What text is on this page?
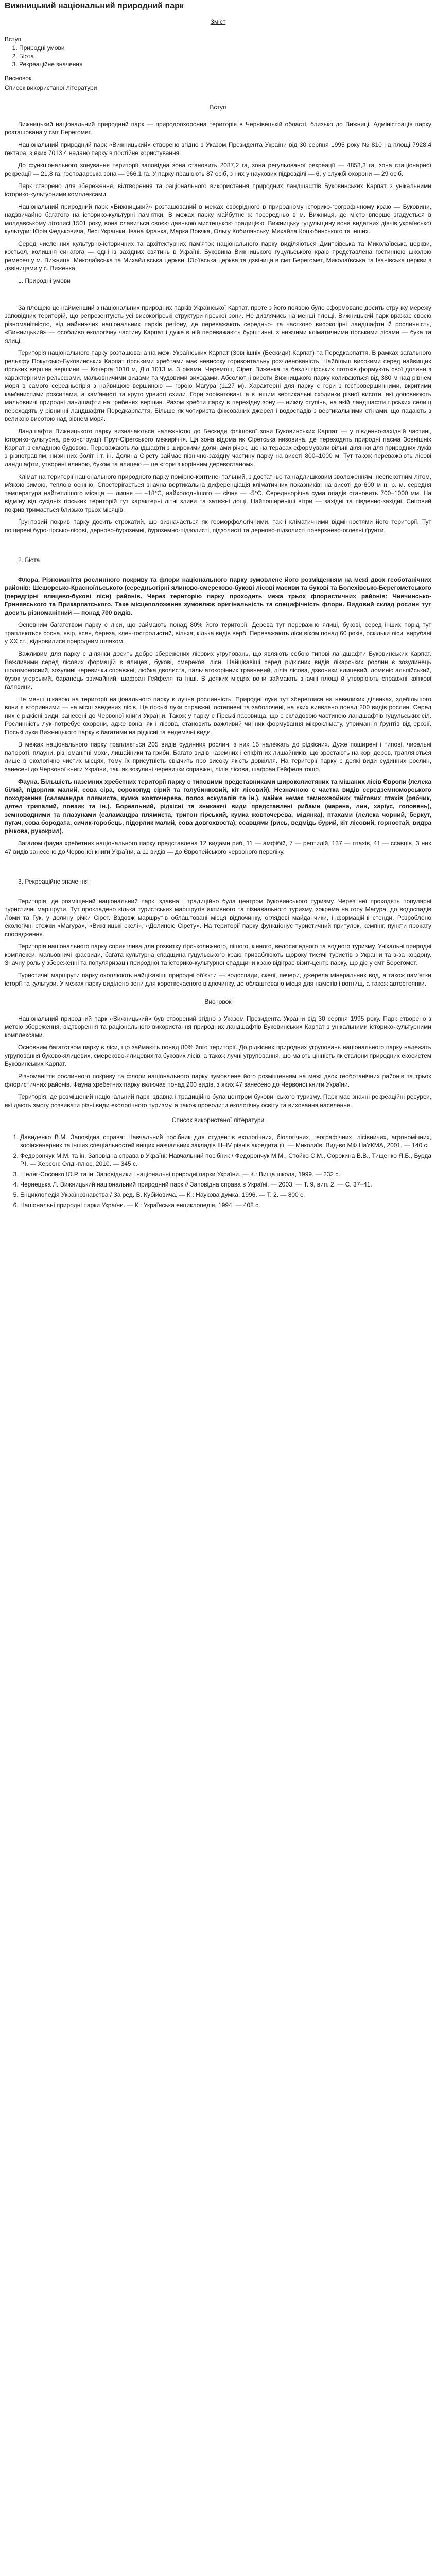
Вижницький національний природний парк
Зміст
Вступ
1. Природні умови
2. Біота
3. Рекреаційне значення
Висновок
Список використаної літератури
Вступ

Вижницький національний природний парк — природоохоронна територія в Чернівецькій області, близько до Вижниці. Адміністрація парку розташована у смт Берегомет.

Національний природний парк «Вижницький» створено згідно з Указом Президента України від 30 серпня 1995 року № 810 на площі 7928,4 гектара, з яких 7013,4 надано парку в постійне користування.

До функціонального зонування території заповідна зона становить 2087,2 га, зона регульованої рекреації — 4853,3 га, зона стаціонарної рекреації — 21,8 га, господарська зона — 966,1 га. У парку працюють 87 осіб, з них у наукових підрозділі — 6, у службі охорони — 29 осіб.

Парк створено для збереження, відтворення та раціонального використання природних ландшафтів Буковинських Карпат з унікальними історико-культурними комплексами.

Національний природний парк «Вижницький» розташований в межах своєрідного в природному історико-географічному краю — Буковини, надзвичайно багатого на історико-культурні пам'ятки. В межах парку майбутнє ж посередньо в м. Вижниця, де місто вперше згадується в молдавському літописі 1501 року, вона славиться своєю давньою мистецькою традицією. Вижницьку гуцульщину вона видатних діячів української культури: Юрія Федьковича, Лесі Українки, Івана Франка, Марка Вовчка, Ольгу Кобилянську, Михайла Коцюбинського та інших.

Серед численних культурно-історичних та архітектурних пам'яток національного парку виділяються Дмитрівська та Миколаївська церкви, костьол, колишня синагога — одні із західних святинь в Україні. Буковина Вижницького гуцульського краю представлена гостинною школою ремесел у м. Вижниця, Миколаївська та Михайлівська церкви, Юр'ївська церква та дзвіниця в смт Берегомет, Миколаївська та Іванівська церкви з дзвіницями у с. Виженка.

1. Природні умови

За площею це найменший з національних природних парків Української Карпат, проте з його появою було сформовано досить струнку мережу заповідних територій, що репрезентують усі високогірські структури гірської зони. Не дивлячись на менші площі, Вижницький парк вражає своєю різноманітністю, від найнижчих національних парків регіону, де переважають середньо- та частково високогірні ландшафти й рослинність, «Вижницький» — особливо екологічну частину Карпат і дуже в ній переважають бурштинні, з нижчими кліматичними гірськими лісами — бука та ялиці.

Територія національного парку розташована на межі Українських Карпат (Зовнішніх (Бескиди) Карпат) та Передкарпаття. В рамках загального рельєфу Покутсько-Буковинських Карпат гірськими хребтами має невисоку горизонтальну розчленованість. Найбільш високими серед найвищих гірських вершин вершини — Кочерга 1010 м, Діл 1013 м. З ріками, Черемош, Сірет, Виженка та безліч гірських потоків формують свої долини з характерними рельєфами, мальовничими видами та чудовими виходами. Абсолютні висоти Вижницького парку коливаються від 380 м над рівнем моря в самого середньогір'я з найвищою вершиною — горою Магура (1127 м). Характерні для парку є гори з гостровершинними, вкритими кам'янистими розсипами, а кам'янисті та круто урвисті схили. Гори зорієнтовані, а в іншим вертикальні сходинки різної висоти, які доповнюють мальовничі природні ландшафти на гребенях вершин. Разом хребти парку в перехідну зону — нижчу ступінь, на якій ландшафти гірських селищ переходять у рівнинні ландшафти Передкарпаття. Більше як чотириста фіксованих джерел і водоспадів з вертикальними стінами, що падають з великою висотою над рівнем моря.

Ландшафти Вижницького парку визначаються належністю до Бескиди флішової зони Буковинських Карпат — у південно-західній частині, історико-культурна, реконструкції Прут-Сіретського межиріччя. Ця зона відома як Сіретська низовина, де переходять природні пасма Зовнішніх Карпат із складною будовою. Переважають ландшафти з широкими долинами річок, що на терасах сформували вільні ділянки для природних луків з різнотрав'ям, низинних боліт і т. ін. Долина Сірету займає північно-західну частину парку на висоті 800–1000 м. Тут також переважають лісові ландшафти, утворені ялиною, буком та ялицею — це «гори з корінним деревостаном».

Клімат на території національного природного парку помірно-континентальний, з достатньо та надлишковим зволоженням, неспекотним літом, м'якою зимою, теплою осінню. Спостерігається значна вертикальна диференціація кліматичних показників: на висоті до 600 м н. р. м. середня температура найтеплішого місяця — липня — +18°С, найхолоднішого — січня — -5°С. Середньорічна сума опадів становить 700–1000 мм. На відміну від сусідніх гірських територій тут характерні літні зливи та затяжні дощі. Найпоширеніші вітри — західні та південно-західні. Сніговий покрив тримається близько трьох місяців.

Ґрунтовий покрив парку досить строкатий, що визначається як геоморфологічними, так і кліматичними відмінностями його території. Тут поширені буро-гірсько-лісові, дерново-буроземні, буроземно-підзолисті, підзолисті та дерново-підзолисті поверхнево-оглеєні ґрунти.

2. Біота

Флора. Різноманіття рослинного покриву та флори національного парку зумовлене його розміщенням на межі двох геоботанічних районів: Шешорсько-Красноїльського (середньогірні ялиново-смереково-букові лісові масиви та букові та Болехівсько-Берегометського (передгірні ялицево-букові ліси) районів. Через територію парку проходить межа трьох флористичних районів: Чивчинсько-Гринявського та Прикарпатського. Таке місцеположення зумовлює оригінальність та специфічність флори. Видовий склад рослин тут досить різноманітний — понад 700 видів.

Основним багатством парку є ліси, що займають понад 80% його території. Дерева тут переважно ялиці, букові, серед інших порід тут трапляються сосна, явір, ясен, береза, клен-гостролистий, вільха, кілька видів верб. Переважають ліси віком понад 60 років, оскільки ліси, вирубані у XX ст., відновилися природним шляхом.

Важливим для парку є ділянки досить добре збережених лісових угруповань, що являють собою типові ландшафти Буковинських Карпат. Важливими серед лісових формацій є ялицеві, букові, смерекові ліси. Найцікавіші серед рідкісних видів лікарських рослин є зозулинець шоломоносний, зозулині черевички справжні, любка дволиста, пальчатокорінник травневий, лілія лісова, дзвоники ялицевий, ломиніс альпійський, бузок угорський, баранець звичайний, шафран Гейфеля та інші. В деяких місцях вони займають значні площі й утворюють справжні квіткові галявини.

Не менш цікавою на території національного парку є лучна рослинність. Природні луки тут збереглися на невеликих ділянках, здебільшого вони є вторинними — на місці зведених лісів. Це гірські луки справжні, остепнені та заболочені, на яких виявлено понад 200 видів рослин. Серед них є рідкісні види, занесені до Червоної книги України. Також у парку є Гірські пасовища, що є складовою частиною ландшафтів гуцульських сіл. Рослинність лук потребує охорони, адже вона, як і лісова, становить важливий чинник формування мікроклімату, утримання ґрунтів від ерозії. Гірські луки Вижницького парку є багатими на рідкісні та ендемічні види.

В межах національного парку трапляється 205 видів судинних рослин, з них 15 належать до рідкісних. Дуже поширені і типові, чисельні папороті, плауни, різноманітні мохи, лишайники та гриби. Багато видів наземних і епіфітних лишайників, що зростають на корі дерев, трапляються лише в екологічно чистих місцях, тому їх присутність свідчить про високу якість довкілля. На території парку є деякі види судинних рослин, занесені до Червоної книги України, такі як зозулині черевички справжні, лілія лісова, шафран Гейфеля тощо.

Фауна. Більшість наземних хребетних території парку є типовими представниками широколистяних та мішаних лісів Європи (лелека білий, підорлик малий, сова сіра, сорокопуд сірий та голубинковий, кіт лісовий). Незначною є частка видів середземноморського походження (саламандра плямиста, кумка жовточерева, полоз ескулапів та ін.), майже немає темнохвойних тайгових птахів (рябчик, дятел трипалий, повзик та ін.). Бореальний, рідкісні та зникаючі види представлені рибами (марена, лин, харіус, головень), земноводними та плазунами (саламандра плямиста, тритон гірський, кумка жовточерева, мідянка), птахами (лелека чорний, беркут, пугач, сова бородата, сичик-горобець, підорлик малий, сова довгохвоста), ссавцями (рись, ведмідь бурий, кіт лісовий, горностай, видра річкова, рукокрил).

Загалом фауна хребетних національного парку представлена 12 видами риб, 11 — амфібій, 7 — рептилій, 137 — птахів, 41 — ссавців. З них 47 видів занесено до Червоної книги України, а 11 видів — до Європейського червоного переліку.

3. Рекреаційне значення

Територія, де розміщений національний парк, здавна і традиційно була центром буковинського туризму. Через неї проходять популярні туристичні маршрути. Тут прокладено кілька туристських маршрутів активного та пізнавального туризму, зокрема на гору Магура, до водоспадів Ломи та Гук, у долину річки Сірет. Вздовж маршрутів облаштовані місця відпочинку, оглядові майданчики, інформаційні стенди. Розроблено екологічні стежки «Магура», «Вижницькі скелі», «Долиною Сірету». На території парку функціонує туристичний притулок, кемпінг, пункти прокату спорядження.

Територія національного парку сприятлива для розвитку гірськолижного, пішого, кінного, велосипедного та водного туризму. Унікальні природні комплекси, мальовничі краєвиди, багата культурна спадщина гуцульського краю приваблюють щороку тисячі туристів з України та з-за кордону. Значну роль у збереженні та популяризації природної та історико-культурної спадщини краю відіграє візит-центр парку, що діє у смт Берегомет.

Туристичні маршрути парку охоплюють найцікавіші природні об'єкти — водоспади, скелі, печери, джерела мінеральних вод, а також пам'ятки історії та культури. У межах парку виділено зони для короткочасного відпочинку, де облаштовано місця для наметів і вогнищ, а також автостоянки.

Висновок

Національний природний парк «Вижницький» був створений згідно з Указом Президента України від 30 серпня 1995 року. Парк створено з метою збереження, відтворення та раціонального використання природних ландшафтів Буковинських Карпат з унікальними історико-культурними комплексами.

Основним багатством парку є ліси, що займають понад 80% його території. До рідкісних природних угруповань національного парку належать угруповання буково-ялицевих, смереково-ялицевих та букових лісів, а також лучні угруповання, що мають цінність як еталони природних екосистем Буковинських Карпат.

Різноманіття рослинного покриву та флори національного парку зумовлене його розміщенням на межі двох геоботанічних районів та трьох флористичних районів. Фауна хребетних парку включає понад 200 видів, з яких 47 занесено до Червоної книги України.

Територія, де розміщений національний парк, здавна і традиційно була центром буковинського туризму. Парк має значні рекреаційні ресурси, які дають змогу розвивати різні види екологічного туризму, а також проводити екологічну освіту та виховання населення.

Список використаної літератури
1. Давиденко В.М. Заповідна справа: Навчальний посібник для студентів екологічних, біологічних, географічних, лісівничих, агрономічних, зооінженерних та інших спеціальностей вищих навчальних закладів III–IV рівнів акредитації. — Миколаїв: Вид-во МФ НаУКМА, 2001. — 140 с.
2. Федорончук М.М. та ін. Заповідна справа в Україні: Навчальний посібник / Федорончук М.М., Стойко С.М., Сорокина В.В., Тищенко Я.Б., Бурда Р.І. — Херсон: Олді-плюс, 2010. — 345 с.
3. Шеляг-Сосонко Ю.Р. та ін. Заповідники і національні природні парки України. — К.: Вища школа, 1999. — 232 с.
4. Чернецька Л. Вижницький національний природний парк // Заповідна справа в Україні. — 2003. — Т. 9, вип. 2. — С. 37–41.
5. Енциклопедія Українознавства / За ред. В. Кубійовича. — К.: Наукова думка, 1996. — Т. 2. — 800 с.
6. Національні природні парки України. — К.: Українська енциклопедія, 1994. — 408 с.
